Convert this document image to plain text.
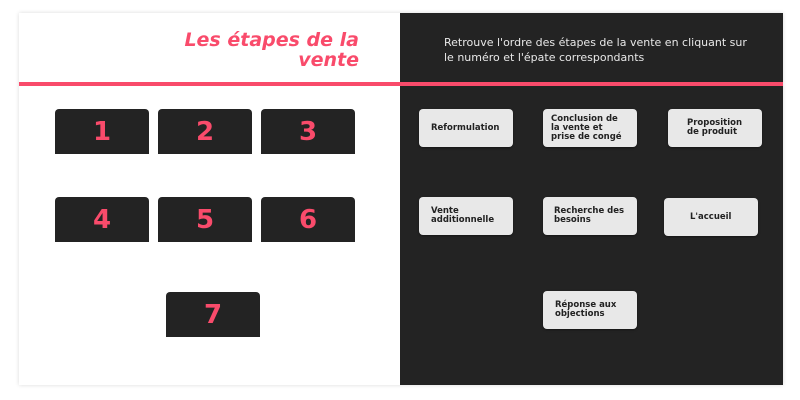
Les étapes de la vente
Retrouve l'ordre des étapes de la vente en cliquant sur le numéro et l'épate correspondants
1	2	3
4	5	6
7
Reformulation
Conclusion de la vente et prise de congé
Proposition de produit
Vente additionnelle
Recherche des besoins	L'accueil
Réponse aux objections
